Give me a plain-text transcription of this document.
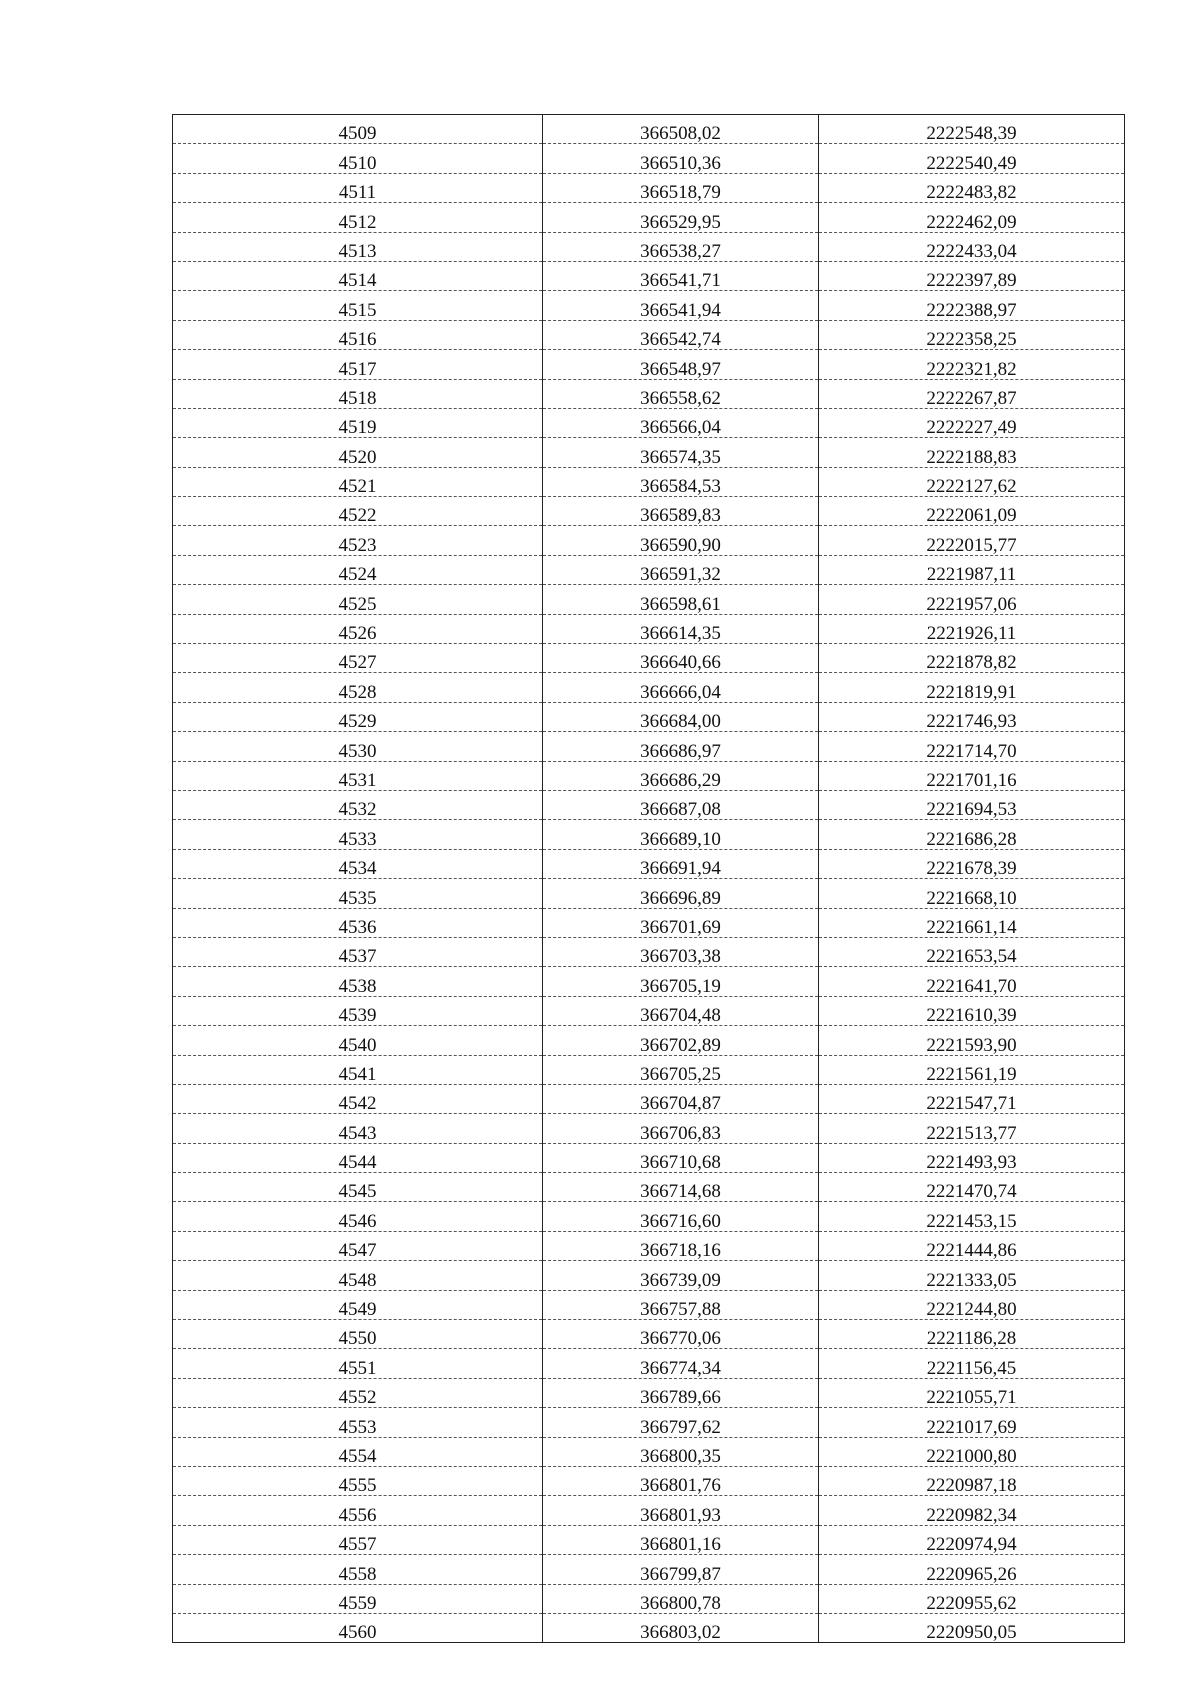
4509	366508,02	2222548,39
4510	366510,36	2222540,49
4511	366518,79	2222483,82
4512	366529,95	2222462,09
4513	366538,27	2222433,04
4514	366541,71	2222397,89
4515	366541,94	2222388,97
4516	366542,74	2222358,25
4517	366548,97	2222321,82
4518	366558,62	2222267,87
4519	366566,04	2222227,49
4520	366574,35	2222188,83
4521	366584,53	2222127,62
4522	366589,83	2222061,09
4523	366590,90	2222015,77
4524	366591,32	2221987,11
4525	366598,61	2221957,06
4526	366614,35	2221926,11
4527	366640,66	2221878,82
4528	366666,04	2221819,91
4529	366684,00	2221746,93
4530	366686,97	2221714,70
4531	366686,29	2221701,16
4532	366687,08	2221694,53
4533	366689,10	2221686,28
4534	366691,94	2221678,39
4535	366696,89	2221668,10
4536	366701,69	2221661,14
4537	366703,38	2221653,54
4538	366705,19	2221641,70
4539	366704,48	2221610,39
4540	366702,89	2221593,90
4541	366705,25	2221561,19
4542	366704,87	2221547,71
4543	366706,83	2221513,77
4544	366710,68	2221493,93
4545	366714,68	2221470,74
4546	366716,60	2221453,15
4547	366718,16	2221444,86
4548	366739,09	2221333,05
4549	366757,88	2221244,80
4550	366770,06	2221186,28
4551	366774,34	2221156,45
4552	366789,66	2221055,71
4553	366797,62	2221017,69
4554	366800,35	2221000,80
4555	366801,76	2220987,18
4556	366801,93	2220982,34
4557	366801,16	2220974,94
4558	366799,87	2220965,26
4559	366800,78	2220955,62
4560	366803,02	2220950,05
